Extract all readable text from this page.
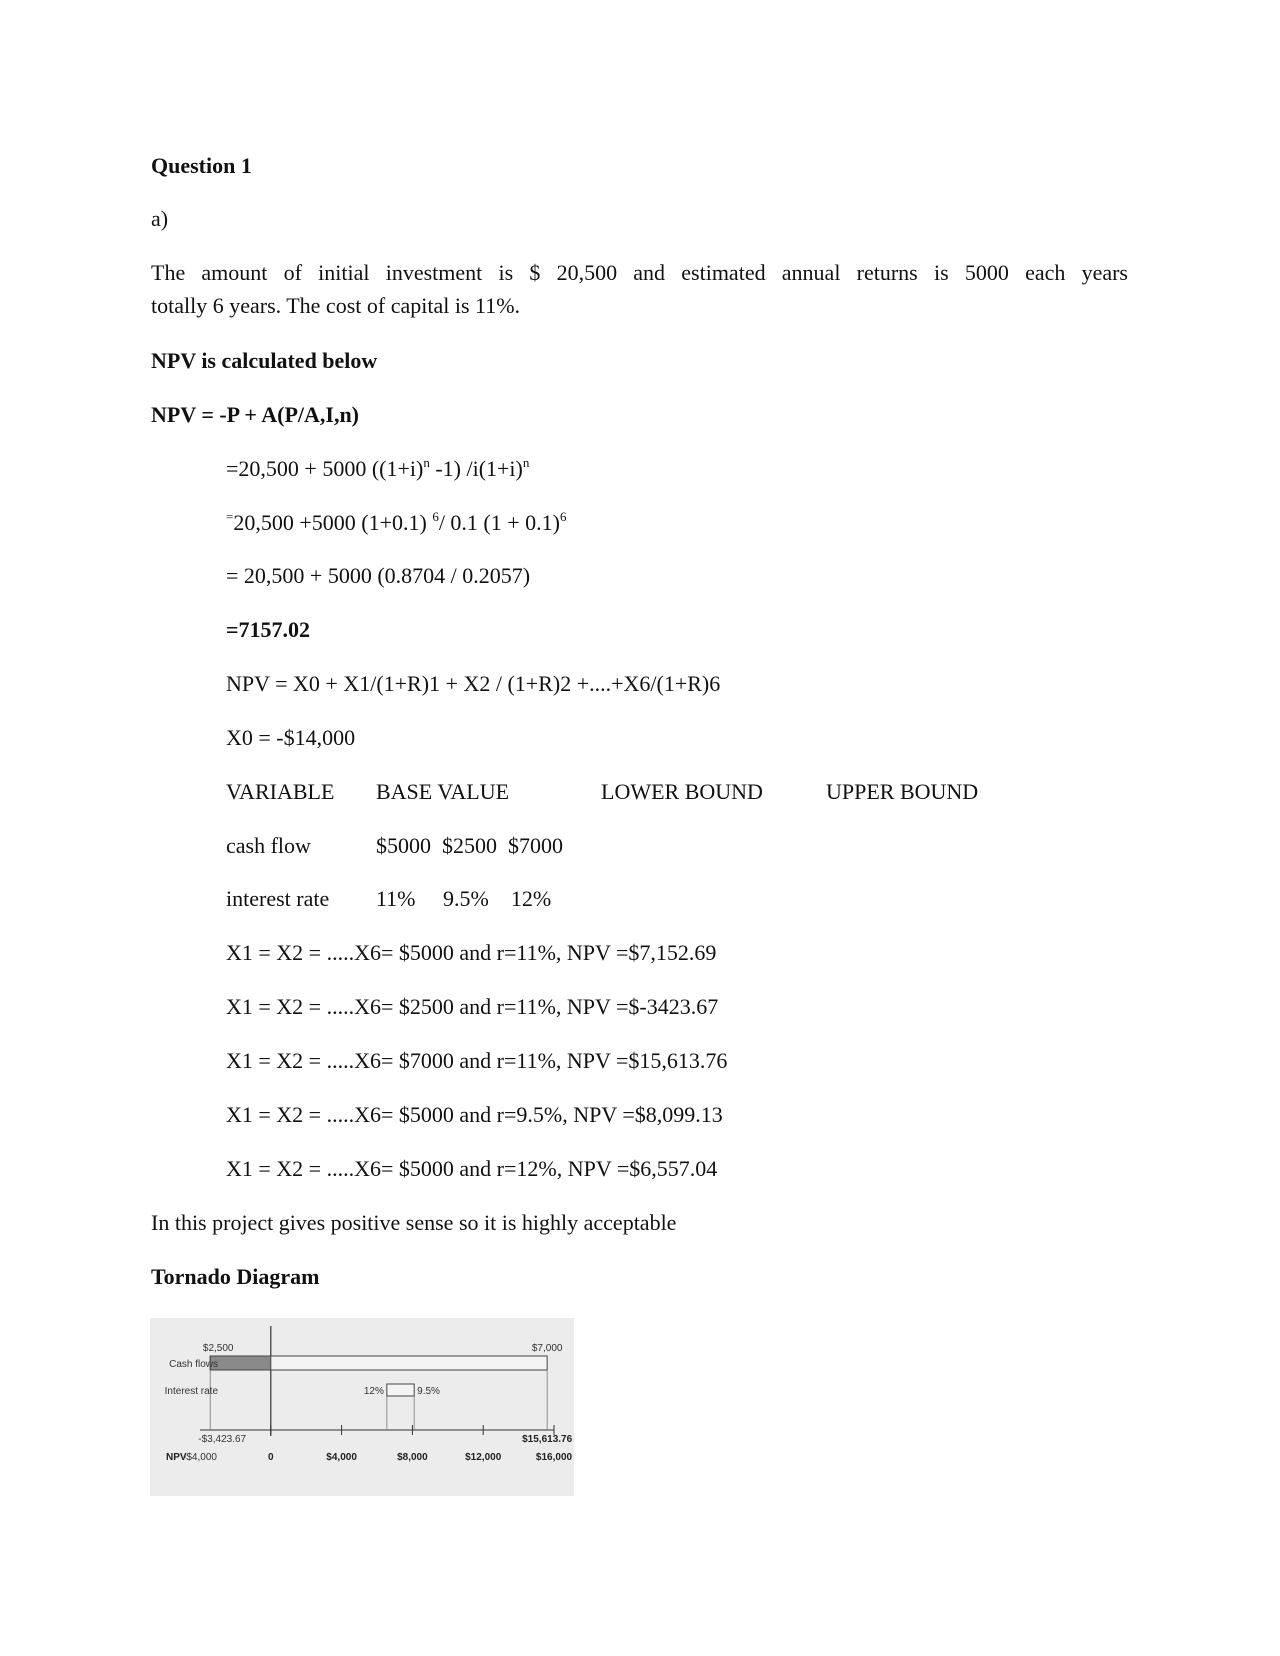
Question 1
a)
The amount of initial investment is $ 20,500 and estimated annual returns is 5000 each years
totally 6 years. The cost of capital is 11%.
NPV is calculated below
NPV = -P + A(P/A,I,n)
=20,500 + 5000 ($(1+i)^n$ -1) $/i(1+i)^n$
=20,500 +5000 (1+0.1) $^6$/ 0.1 $(1 + 0.1)^6$
= 20,500 + 5000 (0.8704 / 0.2057)
=7157.02
NPV = X0 + X1/(1+R)1 + X2 / (1+R)2 +....+X6/(1+R)6
X0 = -$14,000
VARIABLE BASE VALUE	LOWER BOUND	UPPER BOUND
cash flow	$5000  $2500  $7000
interest rate 11%     9.5%    12%
X1 = X2 = .....X6= $5000 and r=11%, NPV =$7,152.69
X1 = X2 = .....X6= $2500 and r=11%, NPV =$-3423.67
X1 = X2 = .....X6= $7000 and r=11%, NPV =$15,613.76
X1 = X2 = .....X6= $5000 and r=9.5%, NPV =$8,099.13
X1 = X2 = .....X6= $5000 and r=12%, NPV =$6,557.04
In this project gives positive sense so it is highly acceptable
Tornado Diagram
-$4,000	0	$4,000	$8,000	$12,000	$16,000
NPV
Cash flows
$2,500	$7,000
Interest rate	12%	9.5%
-$3,423.67	$15,613.76
